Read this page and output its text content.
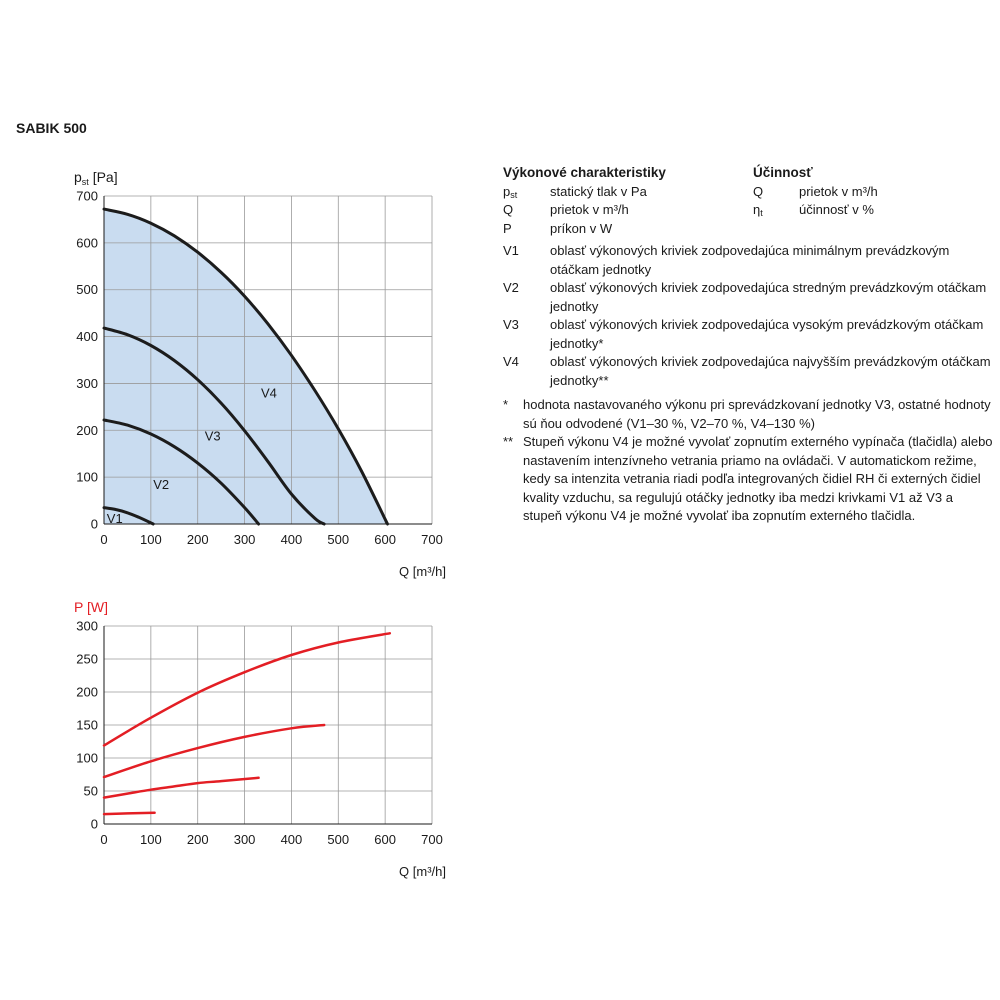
SABIK 500
0 100 200 300 400 500 600 700
0
100
200
300
400
500
600
700
V1
V2
V3
V4
$p_{st}$ [Pa]
Q [m³/h]
0 100 200 300 400 500 600 700
0
50
100
150
200
250
300
P [W]
Q [m³/h]
Výkonové charakteristiky	Účinnosť
$p_{st}$	statický tlak v Pa	Q	prietok v m³/h
Q	prietok v m³/h	$\eta_t$	účinnosť v %
P	príkon v W
V1	oblasť výkonových kriviek zodpovedajúca minimálnym prevádzkovým otáčkam jednotky
V2	oblasť výkonových kriviek zodpovedajúca stredným prevádzkovým otáčkam jednotky
V3	oblasť výkonových kriviek zodpovedajúca vysokým prevádzkovým otáčkam jednotky*
V4	oblasť výkonových kriviek zodpovedajúca najvyšším prevádzkovým otáčkam jednotky**
*	hodnota nastavovaného výkonu pri sprevádzkovaní jednotky V3, ostatné hodnoty sú ňou odvodené (V1–30 %, V2–70 %, V4–130 %)
** Stupeň výkonu V4 je možné vyvolať zopnutím externého vypínača (tlačidla) alebo nastavením intenzívneho vetrania priamo na ovládači. V automatickom režime, kedy sa intenzita vetrania riadi podľa integrovaných čidiel RH či externých čidiel kvality vzduchu, sa regulujú otáčky jednotky iba medzi krivkami V1 až V3 a stupeň výkonu V4 je možné vyvolať iba zopnutím externého tlačidla.
